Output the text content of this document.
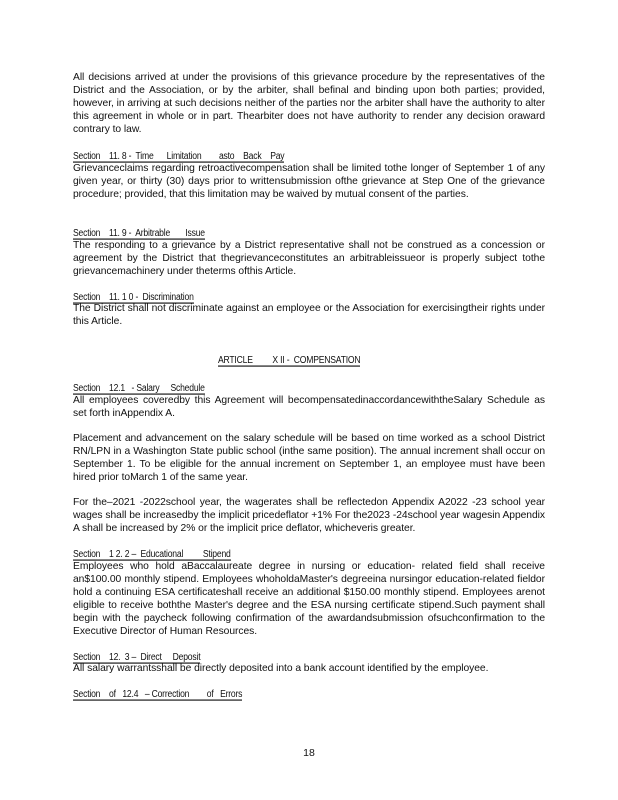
All decisions arrived at under the provisions of this grievance procedure by the representatives of the District and the Association, or by the arbiter, shall befinal and binding upon both parties; provided, however, in arriving at such decisions neither of the parties nor the arbiter shall have the authority to alter this agreement in whole or in part. Thearbiter does not have authority to render any decision oraward contrary to law.

Section    11. 8 -  Time      Limitation        asto    Back    Pay

Grievanceclaims regarding retroactivecompensation shall be limited tothe longer of September 1 of any given year, or thirty (30) days prior to writtensubmission ofthe grievance at Step One of the grievance procedure; provided, that this limitation may be waived by mutual consent of the parties.

Section    11. 9 -  Arbitrable       Issue

The responding to a grievance by a District representative shall not be construed as a concession or agreement by the District that thegrievanceconstitutes an arbitrableissueor is properly subject tothe grievancemachinery under theterms ofthis Article.

Section    11. 1 0 -  Discrimination

The District shall not discriminate against an employee or the Association for exercisingtheir rights under this Article.

ARTICLE         X II -  COMPENSATION

Section    12.1   - Salary     Schedule

All employees coveredby this Agreement will becompensatedinaccordancewiththeSalary Schedule as set forth inAppendix A.

Placement and advancement on the salary schedule will be based on time worked as a school District RN/LPN in a Washington State public school (inthe same position). The annual increment shall occur on September 1. To be eligible for the annual increment on September 1, an employee must have been hired prior toMarch 1 of the same year.

For the–2021 -2022school year, the wagerates shall be reflectedon Appendix A2022 -23 school year wages shall be increasedby the implicit pricedeflator +1% For the2023 -24school year wagesin Appendix A shall be increased by 2% or the implicit price deflator, whicheveris greater.

Section    1 2. 2 –  Educational         Stipend

Employees who hold aBaccalaureate degree in nursing or education- related field shall receive an$100.00 monthly stipend. Employees whoholdaMaster's degreeina nursingor education-related fieldor hold a continuing ESA certificateshall receive an additional $150.00 monthly stipend. Employees arenot eligible to receive boththe Master's degree and the ESA nursing certificate stipend.Such payment shall begin with the paycheck following confirmation of the awardandsubmission ofsuchconfirmation to the Executive Director of Human Resources.

Section    12.  3 –  Direct     Deposit

All salary warrantsshall be directly deposited into a bank account identified by the employee.

Section    of   12.4   – Correction        of   Errors

18
